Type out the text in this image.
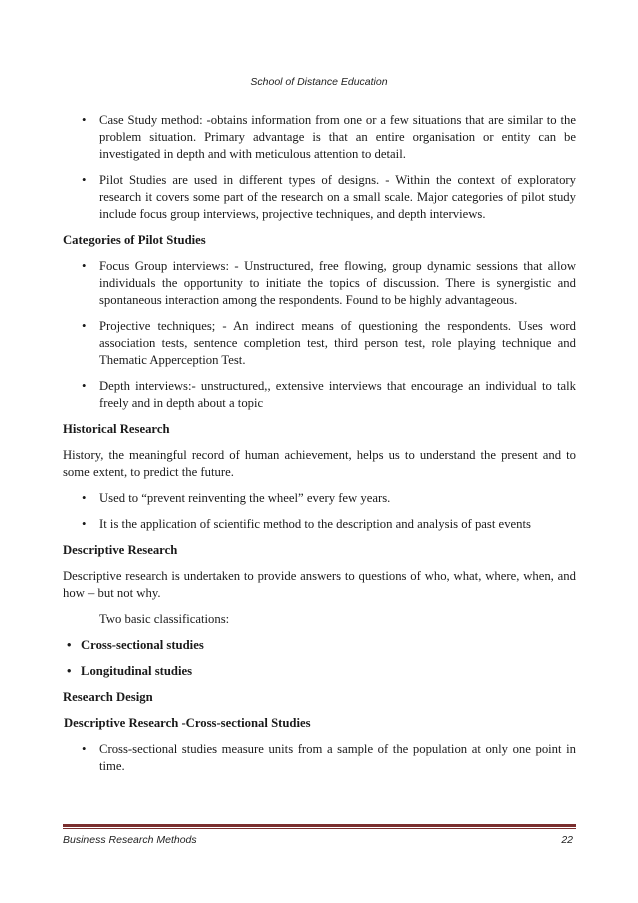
School of Distance Education
• Case Study method: -obtains information from one or a few situations that are similar to the problem situation. Primary advantage is that an entire organisation or entity can be investigated in depth and with meticulous attention to detail.
• Pilot Studies are used in different types of designs. - Within the context of exploratory research it covers some part of the research on a small scale. Major categories of pilot study include focus group interviews, projective techniques, and depth interviews.
Categories of Pilot Studies
• Focus Group interviews: - Unstructured, free flowing, group dynamic sessions that allow individuals the opportunity to initiate the topics of discussion. There is synergistic and spontaneous interaction among the respondents. Found to be highly advantageous.
• Projective techniques; - An indirect means of questioning the respondents. Uses word association tests, sentence completion test, third person test, role playing technique and Thematic Apperception Test.
• Depth interviews:- unstructured,, extensive interviews that encourage an individual to talk freely and in depth about a topic
Historical Research
History, the meaningful record of human achievement, helps us to understand the present and to some extent, to predict the future.
• Used to “prevent reinventing the wheel” every few years.
• It is the application of scientific method to the description and analysis of past events
Descriptive Research
Descriptive research is undertaken to provide answers to questions of who, what, where, when, and how – but not why.
Two basic classifications:
• Cross-sectional studies
• Longitudinal studies
Research Design
Descriptive Research -Cross-sectional Studies
• Cross-sectional studies measure units from a sample of the population at only one point in time.
Business Research Methods	22
